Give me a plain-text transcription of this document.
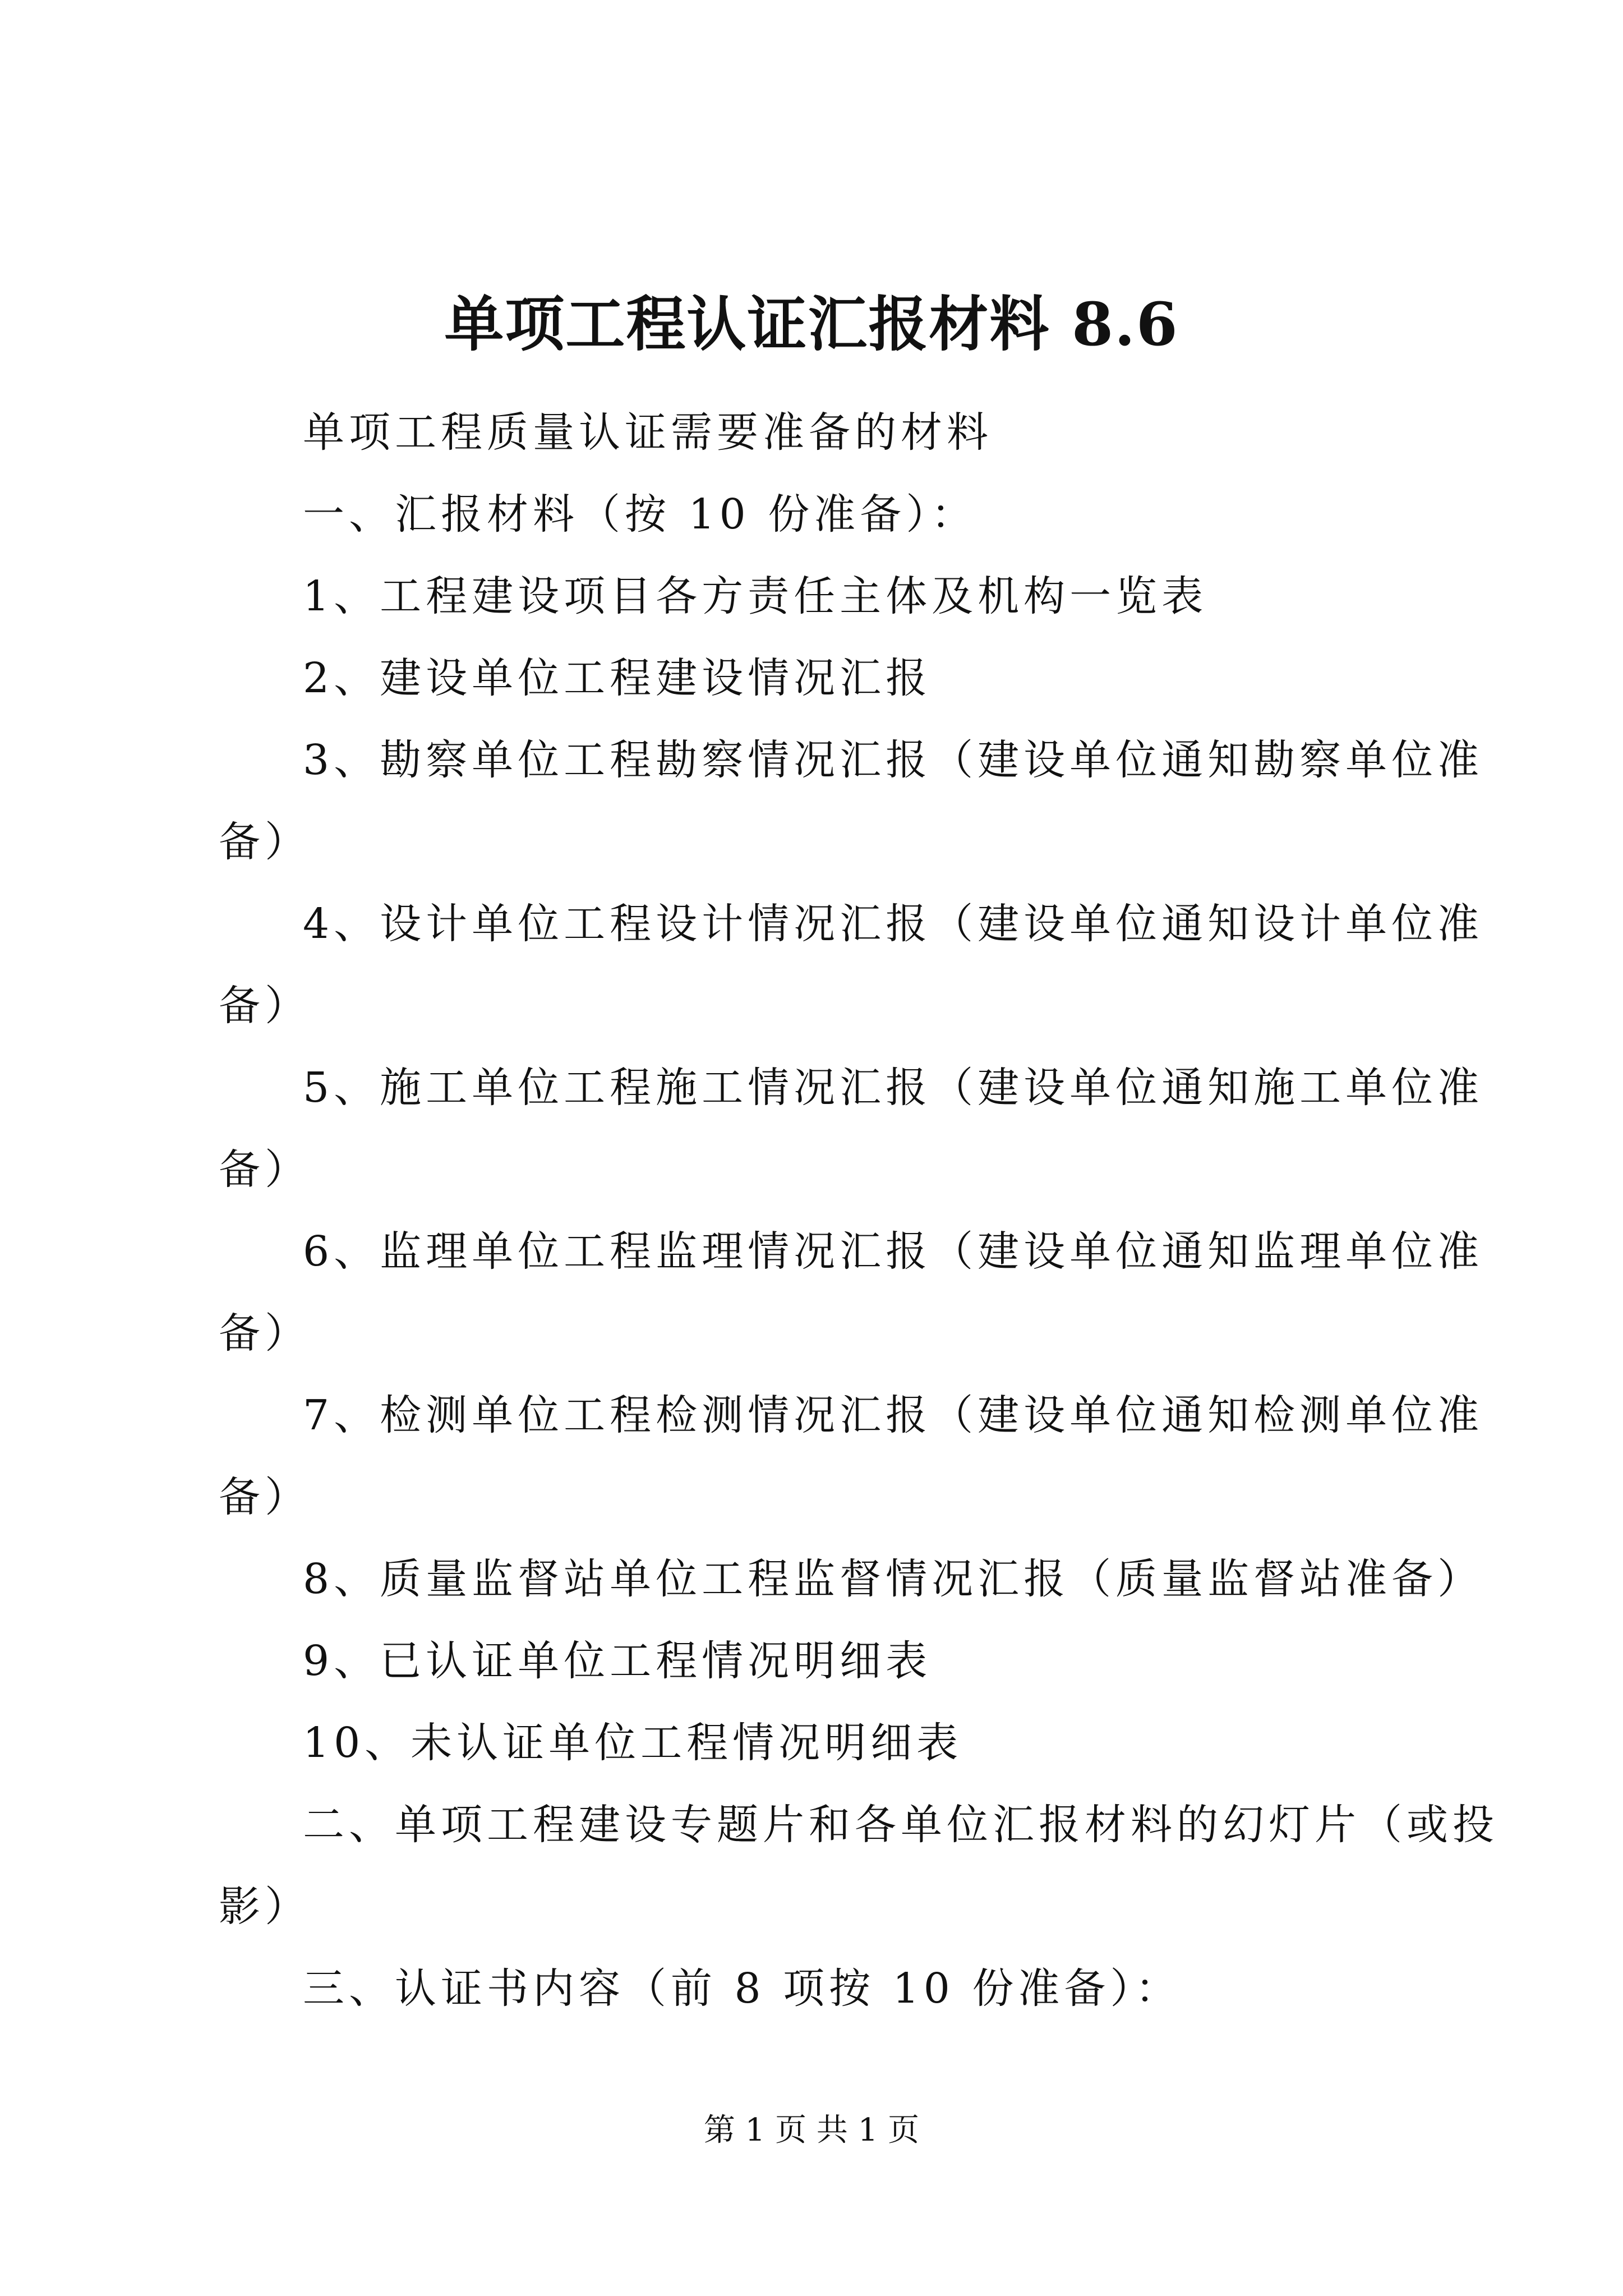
单项工程认证汇报材料 8.6

单项工程质量认证需要准备的材料

一、汇报材料（按 10 份准备）：

1、工程建设项目各方责任主体及机构一览表

2、建设单位工程建设情况汇报

3、勘察单位工程勘察情况汇报（建设单位通知勘察单位准

备）

4、设计单位工程设计情况汇报（建设单位通知设计单位准

备）

5、施工单位工程施工情况汇报（建设单位通知施工单位准

备）

6、监理单位工程监理情况汇报（建设单位通知监理单位准

备）

7、检测单位工程检测情况汇报（建设单位通知检测单位准

备）

8、质量监督站单位工程监督情况汇报（质量监督站准备）

9、已认证单位工程情况明细表

10、未认证单位工程情况明细表

二、单项工程建设专题片和各单位汇报材料的幻灯片（或投

影）

三、认证书内容（前 8 项按 10 份准备）：

第 1 页 共 1 页
